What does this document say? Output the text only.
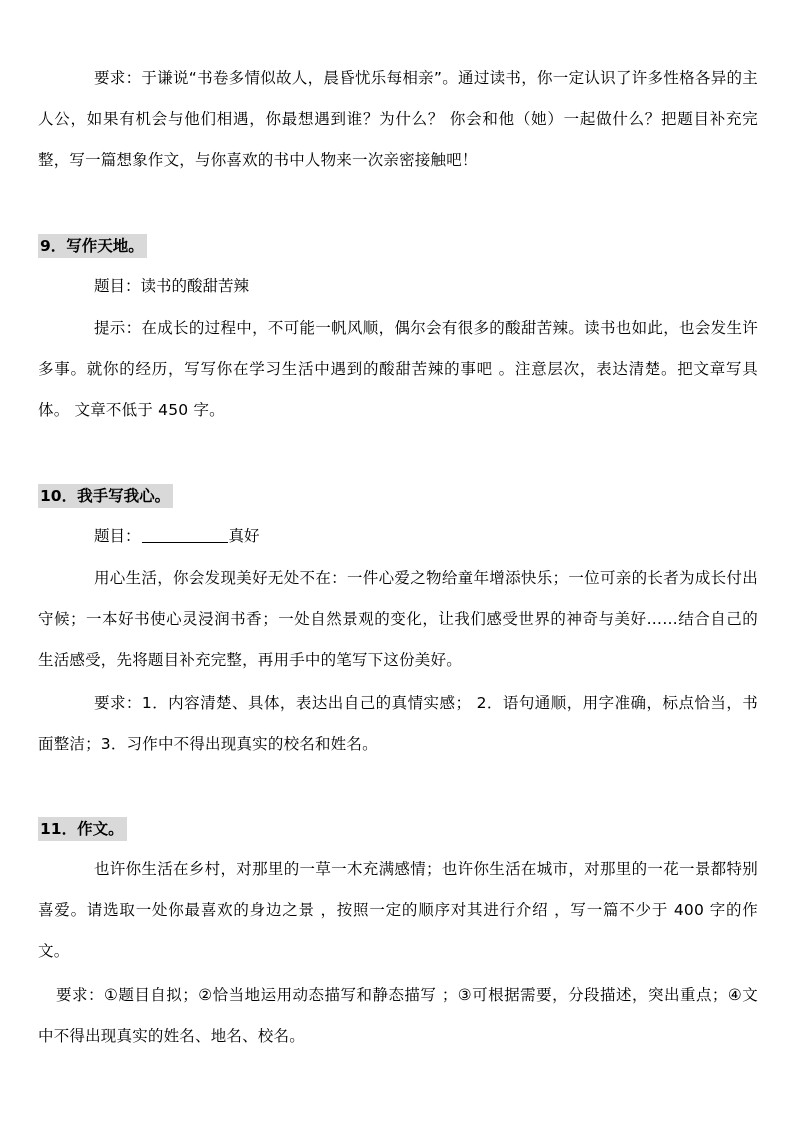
要求：于谦说“书卷多情似故人，晨昏忧乐每相亲”。通过读书，你一定认识了许多性格各异的主人公，如果有机会与他们相遇，你最想遇到谁？为什么？ 你会和他（她）一起做什么？把题目补充完整，写一篇想象作文，与你喜欢的书中人物来一次亲密接触吧！

9．写作天地。

题目：读书的酸甜苦辣

提示：在成长的过程中，不可能一帆风顺，偶尔会有很多的酸甜苦辣。读书也如此，也会发生许多事。就你的经历，写写你在学习生活中遇到的酸甜苦辣的事吧 。注意层次，表达清楚。把文章写具体。 文章不低于 450 字。

10．我手写我心。

题目：	真好

用心生活，你会发现美好无处不在：一件心爱之物给童年增添快乐；一位可亲的长者为成长付出守候；一本好书使心灵浸润书香；一处自然景观的变化，让我们感受世界的神奇与美好……结合自己的生活感受，先将题目补充完整，再用手中的笔写下这份美好。

要求：1．内容清楚、具体，表达出自己的真情实感； 2．语句通顺，用字准确，标点恰当，书面整洁；3．习作中不得出现真实的校名和姓名。

11．作文。

也许你生活在乡村，对那里的一草一木充满感情；也许你生活在城市，对那里的一花一景都特别喜爱。请选取一处你最喜欢的身边之景 ，按照一定的顺序对其进行介绍 ，写一篇不少于 400 字的作文。

要求：①题目自拟；②恰当地运用动态描写和静态描写 ；③可根据需要，分段描述，突出重点；④文中不得出现真实的姓名、地名、校名。
